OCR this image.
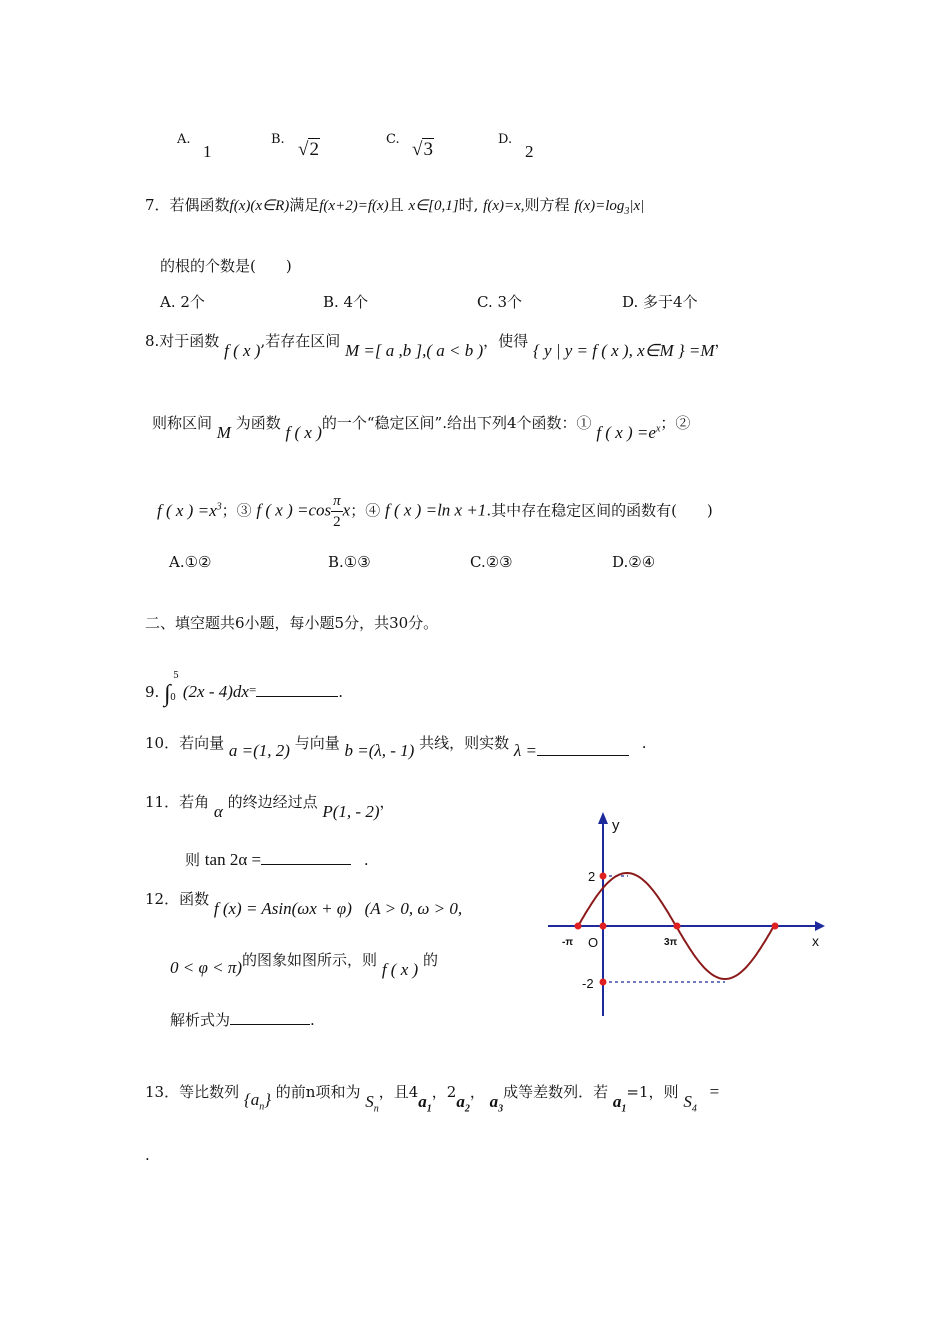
A.
1
B. √2	C. √3	D.
2
7．若偶函数f(x)(x∈R)满足f(x+2)=f(x)且 x∈[0,1]时, f(x)=x,则方程 $f(x)=\log_3|x|$
的根的个数是(　　)
A. 2个	B. 4个	C. 3个	D. 多于4个
8.对于函数 f ( x ),若存在区间 M =[ a ,b ],( a < b )，使得 { y | y = f ( x ), x∈M } =M，
则称区间 M 为函数 f ( x )的一个“稳定区间”.给出下列4个函数：① f ( x ) $=e^x$；②
f ( x ) $=x^3$；③ f ( x ) $=\cos \frac{\pi}{2}$ x；④ f ( x ) =ln x +1.其中存在稳定区间的函数有(　　)
A.①②	B.①③	C.②③	D.②④
二、填空题共6小题，每小题5分，共30分。
9. ∫
5
0 (2x - 4)dx=	.
10．若向量 a =(1, 2) 与向量 b =(λ, - 1) 共线，则实数 λ =	.
11．若角 α 的终边经过点 P(1, - 2)，
则 tan 2α =	.
12．函数 f (x) = Asin(ωx + φ) (A > 0, ω > 0,
0 < φ < π)的图象如图所示，则 f ( x ) 的
解析式为	.
y
x
2
-2
-π O	3π
13．等比数列 $\{a_n\}$ 的前n项和为 $S_n$，且$4a_1$，$2a_2$， $a_3$成等差数列．若 $a_1=1$，则 $S_4$ =
.
